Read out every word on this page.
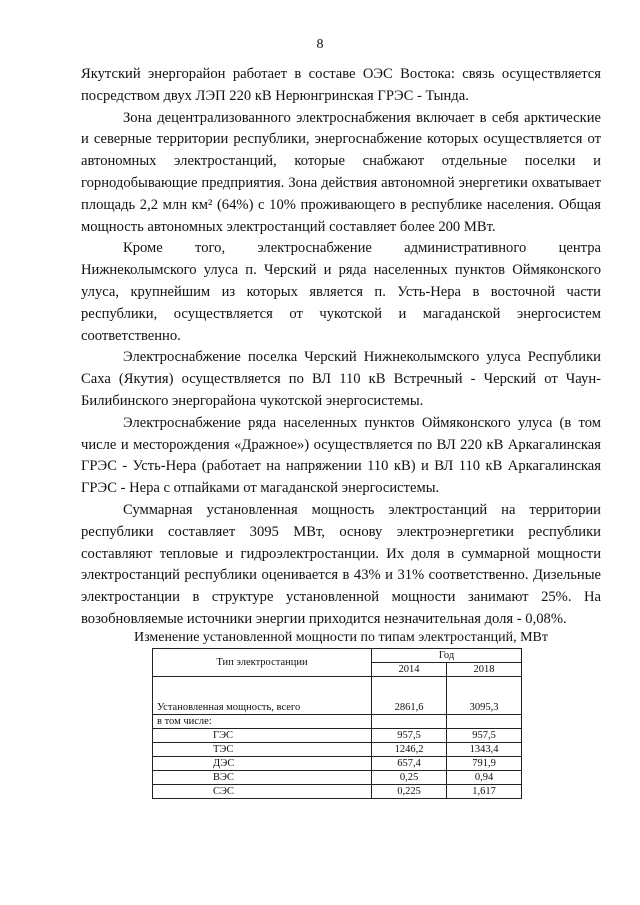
8

Якутский энергорайон работает в составе ОЭС Востока: связь осуществляется посредством двух ЛЭП 220 кВ Нерюнгринская ГРЭС - Тында.

Зона децентрализованного электроснабжения включает в себя арктические и северные территории республики, энергоснабжение которых осуществляется от автономных электростанций, которые снабжают отдельные поселки и горнодобывающие предприятия. Зона действия автономной энергетики охватывает площадь 2,2 млн км² (64%) с 10% проживающего в республике населения. Общая мощность автономных электростанций составляет более 200 МВт.

Кроме того, электроснабжение административного центра Нижнеколымского улуса п. Черский и ряда населенных пунктов Оймяконского улуса, крупнейшим из которых является п. Усть-Нера в восточной части республики, осуществляется от чукотской и магаданской энергосистем соответственно.

Электроснабжение поселка Черский Нижнеколымского улуса Республики Саха (Якутия) осуществляется по ВЛ 110 кВ Встречный - Черский от Чаун-Билибинского энергорайона чукотской энергосистемы.

Электроснабжение ряда населенных пунктов Оймяконского улуса (в том числе и месторождения «Дражное») осуществляется по ВЛ 220 кВ Аркагалинская ГРЭС - Усть-Нера (работает на напряжении 110 кВ) и ВЛ 110 кВ Аркагалинская ГРЭС - Нера с отпайками от магаданской энергосистемы.

Суммарная установленная мощность электростанций на территории республики составляет 3095 МВт, основу электроэнергетики республики составляют тепловые и гидроэлектростанции. Их доля в суммарной мощности электростанций республики оценивается в 43% и 31% соответственно. Дизельные электростанции в структуре установленной мощности занимают 25%. На возобновляемые источники энергии приходится незначительная доля - 0,08%.

Изменение установленной мощности по типам электростанций, МВт
Тип электростанции	Год	
	2014	2018
Установленная мощность, всего	2861,6	3095,3
в том числе:		
ГЭС	957,5	957,5
ТЭС	1246,2	1343,4
ДЭС	657,4	791,9
ВЭС	0,25	0,94
СЭС	0,225	1,617
